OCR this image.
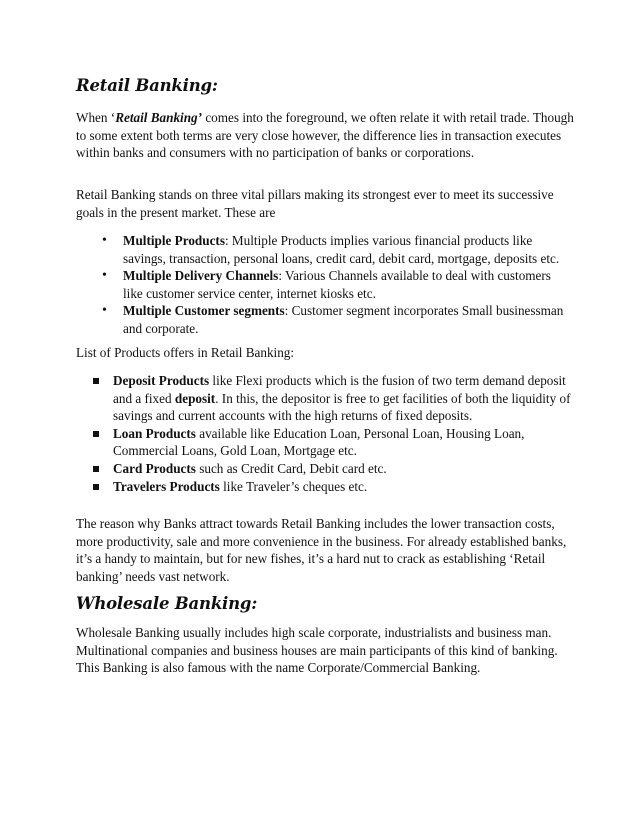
Retail Banking:

When ‘Retail Banking’ comes into the foreground, we often relate it with retail trade. Though to some extent both terms are very close however, the difference lies in transaction executes within banks and consumers with no participation of banks or corporations.

Retail Banking stands on three vital pillars making its strongest ever to meet its successive goals in the present market. These are

• Multiple Products: Multiple Products implies various financial products like savings, transaction, personal loans, credit card, debit card, mortgage, deposits etc.
• Multiple Delivery Channels: Various Channels available to deal with customers like customer service center, internet kiosks etc.
• Multiple Customer segments: Customer segment incorporates Small businessman and corporate.

List of Products offers in Retail Banking:

Deposit Products like Flexi products which is the fusion of two term demand deposit and a fixed deposit. In this, the depositor is free to get facilities of both the liquidity of savings and current accounts with the high returns of fixed deposits.
Loan Products available like Education Loan, Personal Loan, Housing Loan, Commercial Loans, Gold Loan, Mortgage etc.
Card Products such as Credit Card, Debit card etc.
Travelers Products like Traveler’s cheques etc.

The reason why Banks attract towards Retail Banking includes the lower transaction costs, more productivity, sale and more convenience in the business. For already established banks, it’s a handy to maintain, but for new fishes, it’s a hard nut to crack as establishing ‘Retail banking’ needs vast network.

Wholesale Banking:

Wholesale Banking usually includes high scale corporate, industrialists and business man. Multinational companies and business houses are main participants of this kind of banking. This Banking is also famous with the name Corporate/Commercial Banking.
